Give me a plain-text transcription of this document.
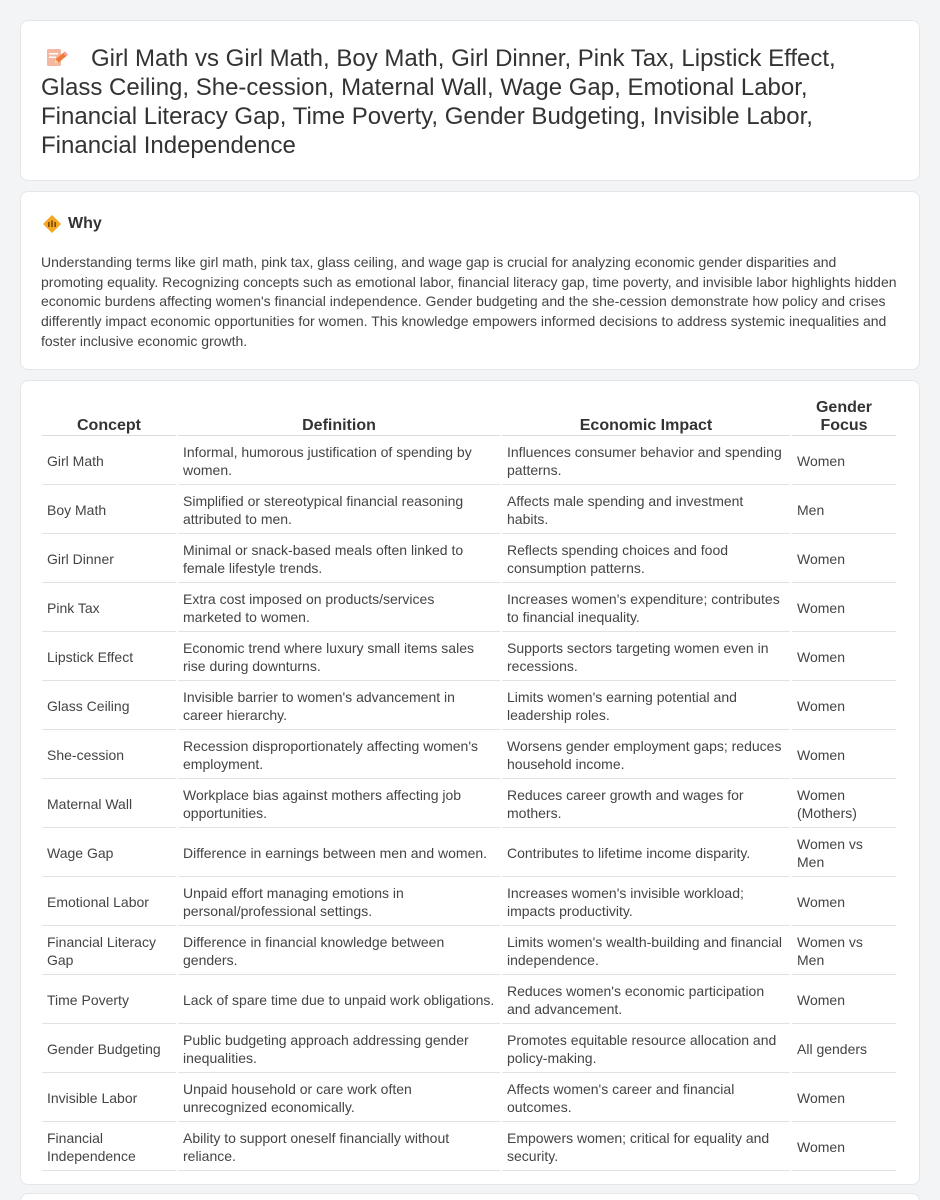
Girl Math vs Girl Math, Boy Math, Girl Dinner, Pink Tax, Lipstick Effect, Glass Ceiling, She-cession, Maternal Wall, Wage Gap, Emotional Labor, Financial Literacy Gap, Time Poverty, Gender Budgeting, Invisible Labor, Financial Independence
Why

Understanding terms like girl math, pink tax, glass ceiling, and wage gap is crucial for analyzing economic gender disparities and promoting equality. Recognizing concepts such as emotional labor, financial literacy gap, time poverty, and invisible labor highlights hidden economic burdens affecting women's financial independence. Gender budgeting and the she-cession demonstrate how policy and crises differently impact economic opportunities for women. This knowledge empowers informed decisions to address systemic inequalities and foster inclusive economic growth.

Concept	Definition	Economic Impact	Gender Focus
Girl Math	Informal, humorous justification of spending by women.	Influences consumer behavior and spending patterns.	Women
Boy Math	Simplified or stereotypical financial reasoning attributed to men.	Affects male spending and investment habits.	Men
Girl Dinner	Minimal or snack-based meals often linked to female lifestyle trends.	Reflects spending choices and food consumption patterns.	Women
Pink Tax	Extra cost imposed on products/services marketed to women.	Increases women's expenditure; contributes to financial inequality.	Women
Lipstick Effect	Economic trend where luxury small items sales rise during downturns.	Supports sectors targeting women even in recessions.	Women
Glass Ceiling	Invisible barrier to women's advancement in career hierarchy.	Limits women's earning potential and leadership roles.	Women
She-cession	Recession disproportionately affecting women's employment.	Worsens gender employment gaps; reduces household income.	Women
Maternal Wall	Workplace bias against mothers affecting job opportunities.	Reduces career growth and wages for mothers.	Women (Mothers)
Wage Gap	Difference in earnings between men and women.	Contributes to lifetime income disparity.	Women vs Men
Emotional Labor	Unpaid effort managing emotions in personal/professional settings.	Increases women's invisible workload; impacts productivity.	Women
Financial Literacy Gap	Difference in financial knowledge between genders.	Limits women's wealth-building and financial independence.	Women vs Men
Time Poverty	Lack of spare time due to unpaid work obligations.	Reduces women's economic participation and advancement.	Women
Gender Budgeting	Public budgeting approach addressing gender inequalities.	Promotes equitable resource allocation and policy-making.	All genders
Invisible Labor	Unpaid household or care work often unrecognized economically.	Affects women's career and financial outcomes.	Women
Financial Independence	Ability to support oneself financially without reliance.	Empowers women; critical for equality and security.	Women
